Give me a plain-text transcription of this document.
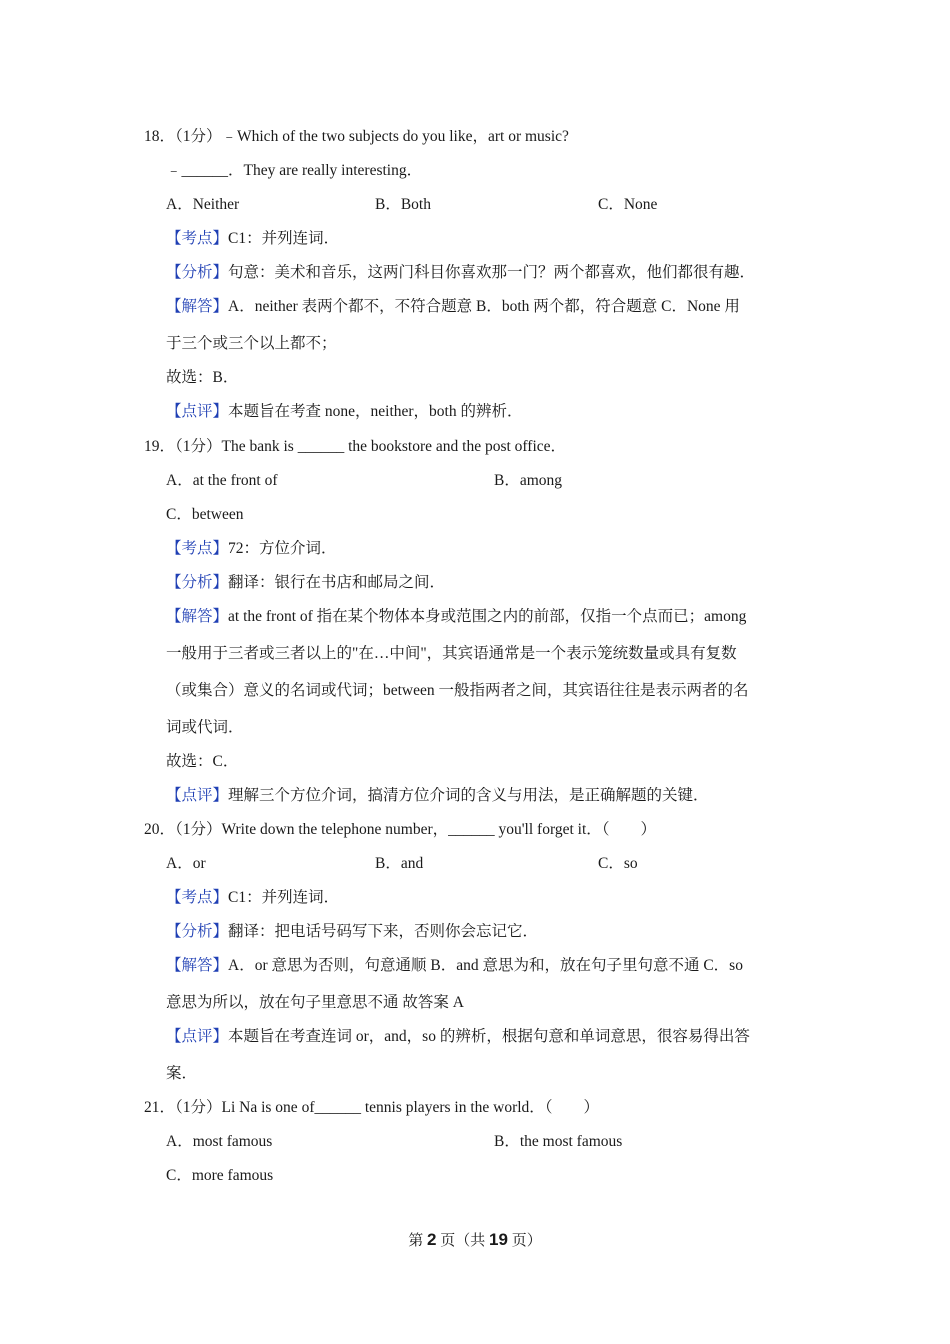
18．（1分）﹣Which of the two subjects do you like，art or music?
﹣______．They are really interesting．
A．Neither	B．Both	C．None
【考点】C1：并列连词．
【分析】句意：美术和音乐，这两门科目你喜欢那一门？两个都喜欢，他们都很有趣．
【解答】A．neither 表两个都不，不符合题意 B．both 两个都，符合题意 C．None 用
于三个或三个以上都不；
故选：B．
【点评】本题旨在考查 none，neither，both 的辨析．
19．（1分）The bank is ______ the bookstore and the post office．
A．at the front of	B．among
C．between
【考点】72：方位介词．
【分析】翻译：银行在书店和邮局之间．
【解答】at the front of 指在某个物体本身或范围之内的前部，仅指一个点而已；among
一般用于三者或三者以上的"在…中间"，其宾语通常是一个表示笼统数量或具有复数
（或集合）意义的名词或代词；between 一般指两者之间，其宾语往往是表示两者的名
词或代词．
故选：C．
【点评】理解三个方位介词，搞清方位介词的含义与用法，是正确解题的关键．
20．（1分）Write down the telephone number，______ you'll forget it．（　　）
A．or	B．and	C．so
【考点】C1：并列连词．
【分析】翻译：把电话号码写下来，否则你会忘记它．
【解答】A．or 意思为否则，句意通顺 B．and 意思为和，放在句子里句意不通 C．so
意思为所以，放在句子里意思不通 故答案 A
【点评】本题旨在考查连词 or，and，so 的辨析，根据句意和单词意思，很容易得出答
案．
21．（1分）Li Na is one of______ tennis players in the world．（　　）
A．most famous	B．the most famous
C．more famous
第 2 页（共 19 页）
